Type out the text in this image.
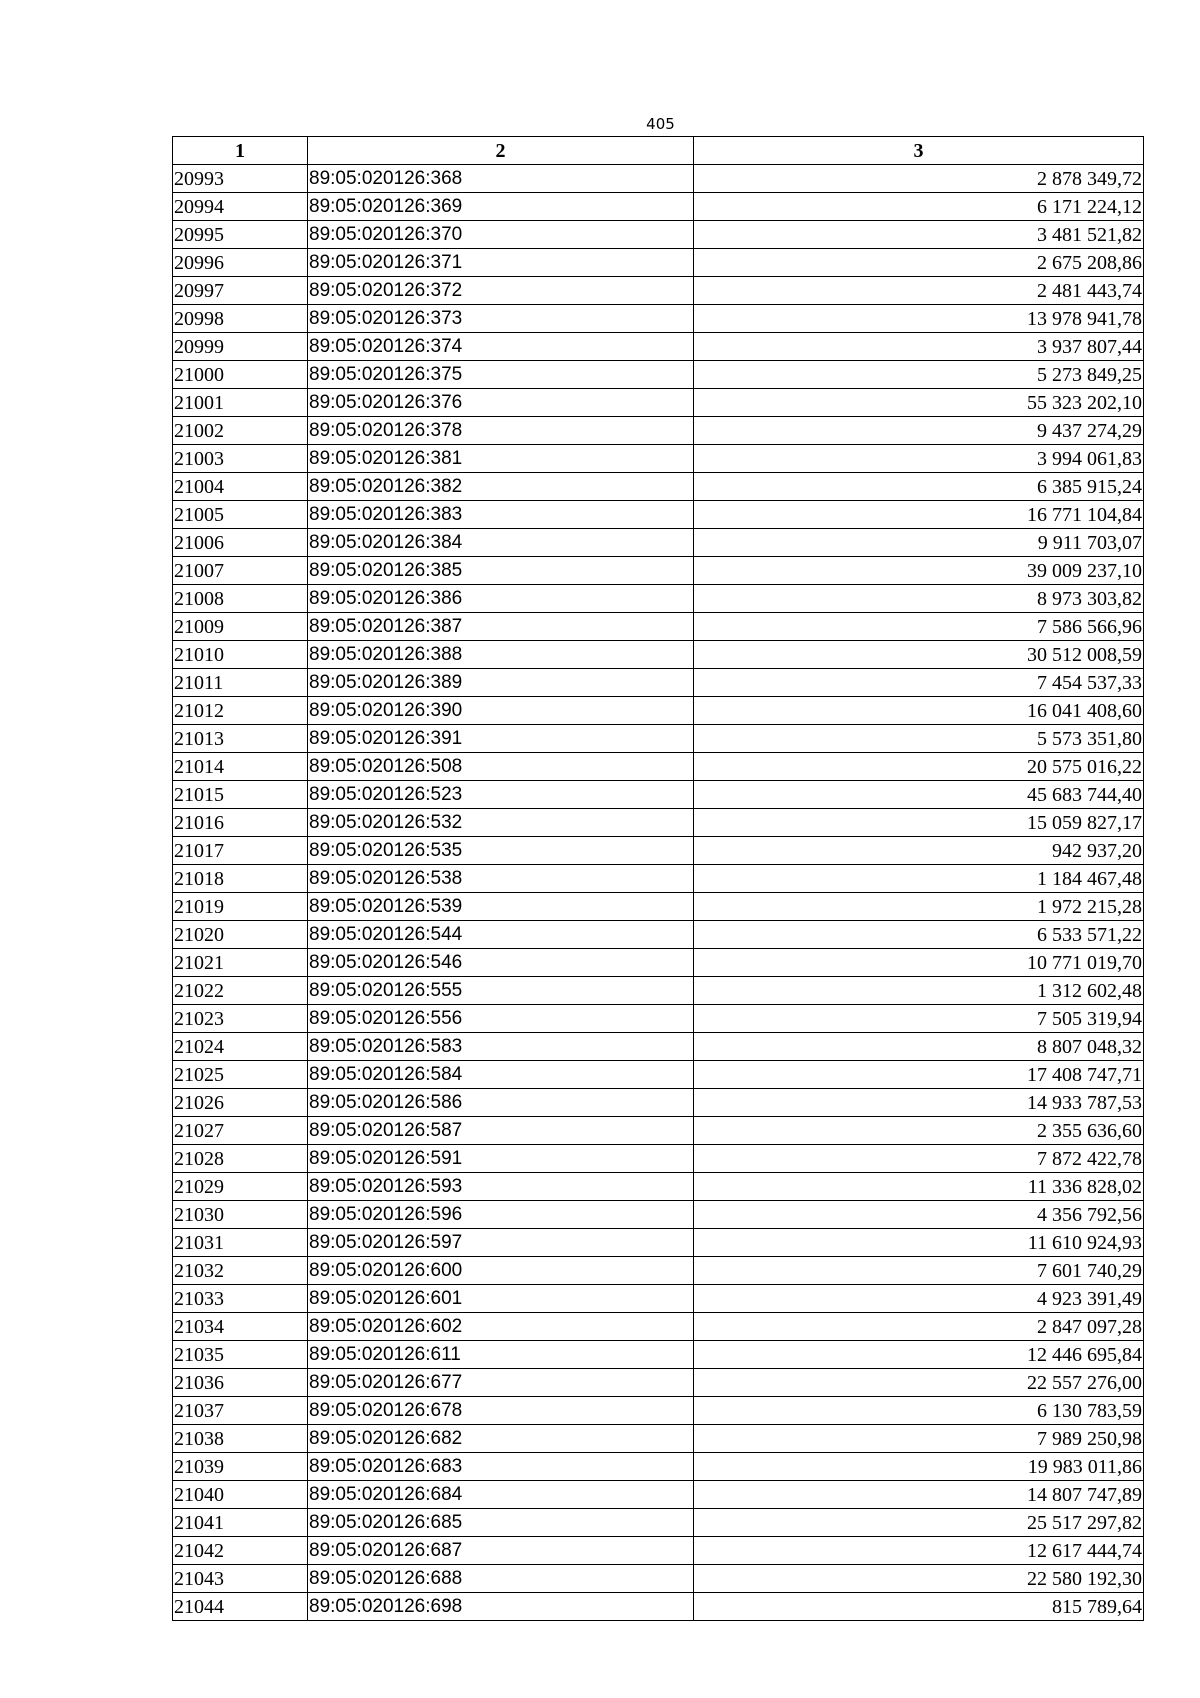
405
1	2	3
20993	89:05:020126:368	2 878 349,72
20994	89:05:020126:369	6 171 224,12
20995	89:05:020126:370	3 481 521,82
20996	89:05:020126:371	2 675 208,86
20997	89:05:020126:372	2 481 443,74
20998	89:05:020126:373	13 978 941,78
20999	89:05:020126:374	3 937 807,44
21000	89:05:020126:375	5 273 849,25
21001	89:05:020126:376	55 323 202,10
21002	89:05:020126:378	9 437 274,29
21003	89:05:020126:381	3 994 061,83
21004	89:05:020126:382	6 385 915,24
21005	89:05:020126:383	16 771 104,84
21006	89:05:020126:384	9 911 703,07
21007	89:05:020126:385	39 009 237,10
21008	89:05:020126:386	8 973 303,82
21009	89:05:020126:387	7 586 566,96
21010	89:05:020126:388	30 512 008,59
21011	89:05:020126:389	7 454 537,33
21012	89:05:020126:390	16 041 408,60
21013	89:05:020126:391	5 573 351,80
21014	89:05:020126:508	20 575 016,22
21015	89:05:020126:523	45 683 744,40
21016	89:05:020126:532	15 059 827,17
21017	89:05:020126:535	942 937,20
21018	89:05:020126:538	1 184 467,48
21019	89:05:020126:539	1 972 215,28
21020	89:05:020126:544	6 533 571,22
21021	89:05:020126:546	10 771 019,70
21022	89:05:020126:555	1 312 602,48
21023	89:05:020126:556	7 505 319,94
21024	89:05:020126:583	8 807 048,32
21025	89:05:020126:584	17 408 747,71
21026	89:05:020126:586	14 933 787,53
21027	89:05:020126:587	2 355 636,60
21028	89:05:020126:591	7 872 422,78
21029	89:05:020126:593	11 336 828,02
21030	89:05:020126:596	4 356 792,56
21031	89:05:020126:597	11 610 924,93
21032	89:05:020126:600	7 601 740,29
21033	89:05:020126:601	4 923 391,49
21034	89:05:020126:602	2 847 097,28
21035	89:05:020126:611	12 446 695,84
21036	89:05:020126:677	22 557 276,00
21037	89:05:020126:678	6 130 783,59
21038	89:05:020126:682	7 989 250,98
21039	89:05:020126:683	19 983 011,86
21040	89:05:020126:684	14 807 747,89
21041	89:05:020126:685	25 517 297,82
21042	89:05:020126:687	12 617 444,74
21043	89:05:020126:688	22 580 192,30
21044	89:05:020126:698	815 789,64
